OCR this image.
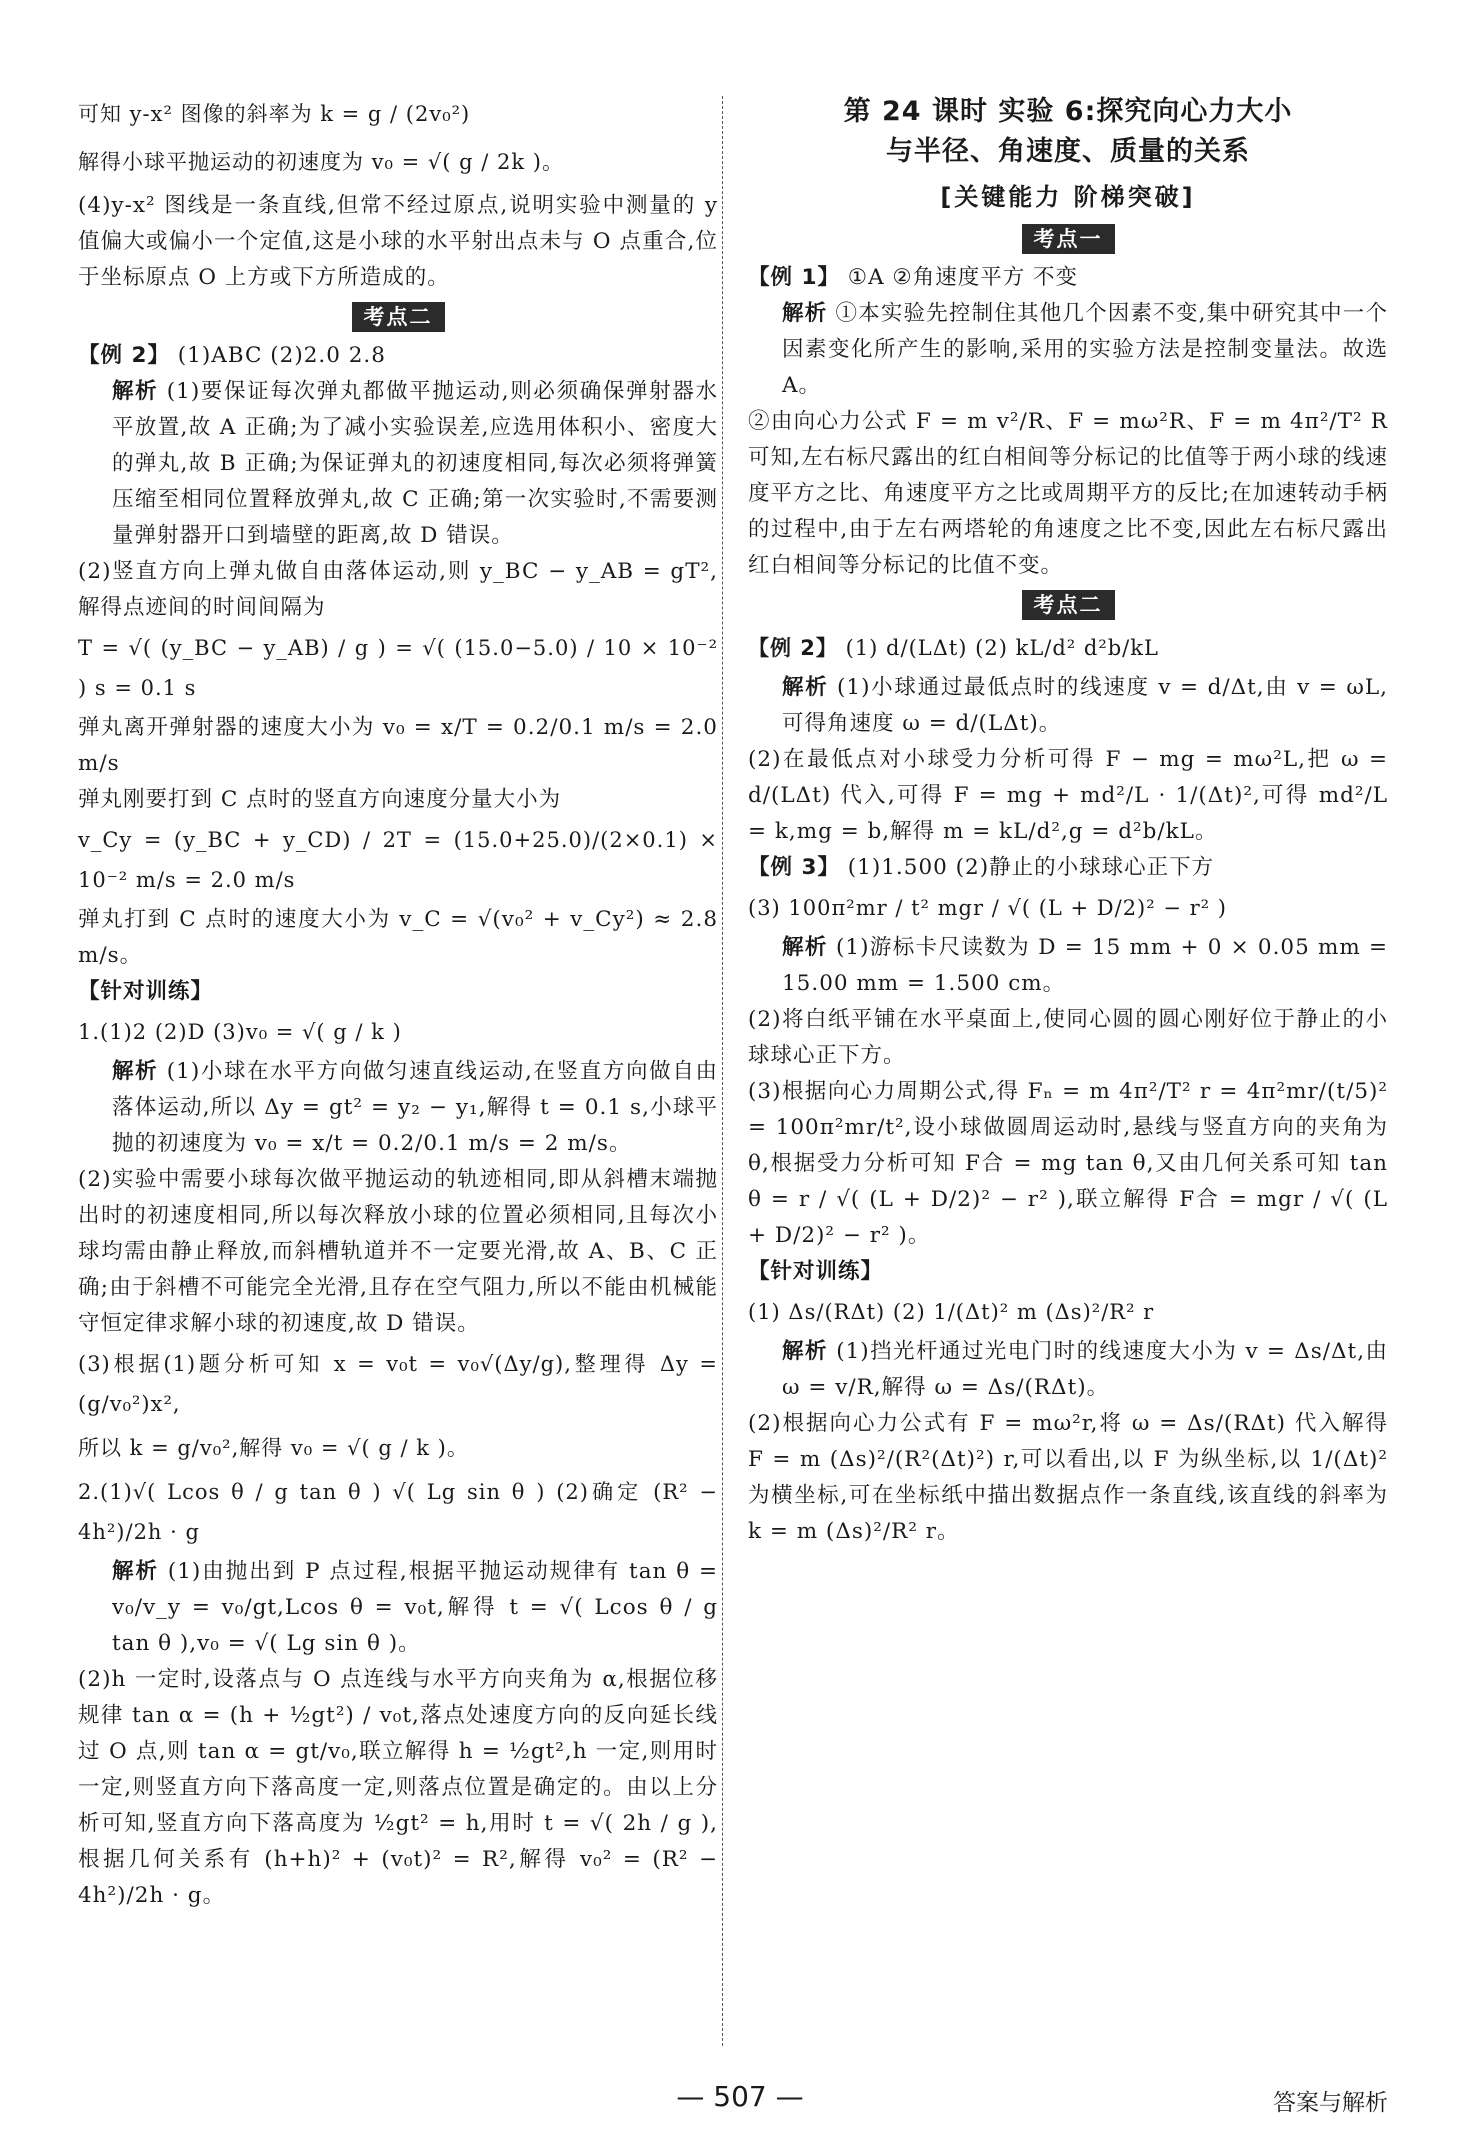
可知 y-x² 图像的斜率为 k = g / (2v₀²)

解得小球平抛运动的初速度为 v₀ = √( g / 2k )。

(4)y-x² 图线是一条直线,但常不经过原点,说明实验中测量的 y 值偏大或偏小一个定值,这是小球的水平射出点未与 O 点重合,位于坐标原点 O 上方或下方所造成的。

考点二

【例 2】 (1)ABC (2)2.0 2.8

解析 (1)要保证每次弹丸都做平抛运动,则必须确保弹射器水平放置,故 A 正确;为了减小实验误差,应选用体积小、密度大的弹丸,故 B 正确;为保证弹丸的初速度相同,每次必须将弹簧压缩至相同位置释放弹丸,故 C 正确;第一次实验时,不需要测量弹射器开口到墙壁的距离,故 D 错误。

(2)竖直方向上弹丸做自由落体运动,则 y_BC − y_AB = gT²,解得点迹间的时间间隔为

T = √( (y_BC − y_AB) / g ) = √( (15.0−5.0) / 10 × 10⁻² ) s = 0.1 s

弹丸离开弹射器的速度大小为 v₀ = x/T = 0.2/0.1 m/s = 2.0 m/s

弹丸刚要打到 C 点时的竖直方向速度分量大小为

v_Cy = (y_BC + y_CD) / 2T = (15.0+25.0)/(2×0.1) × 10⁻² m/s = 2.0 m/s

弹丸打到 C 点时的速度大小为 v_C = √(v₀² + v_Cy²) ≈ 2.8 m/s。

【针对训练】

1.(1)2 (2)D (3)v₀ = √( g / k )

解析 (1)小球在水平方向做匀速直线运动,在竖直方向做自由落体运动,所以 Δy = gt² = y₂ − y₁,解得 t = 0.1 s,小球平抛的初速度为 v₀ = x/t = 0.2/0.1 m/s = 2 m/s。

(2)实验中需要小球每次做平抛运动的轨迹相同,即从斜槽末端抛出时的初速度相同,所以每次释放小球的位置必须相同,且每次小球均需由静止释放,而斜槽轨道并不一定要光滑,故 A、B、C 正确;由于斜槽不可能完全光滑,且存在空气阻力,所以不能由机械能守恒定律求解小球的初速度,故 D 错误。

(3)根据(1)题分析可知 x = v₀t = v₀√(Δy/g),整理得 Δy = (g/v₀²)x²,

所以 k = g/v₀²,解得 v₀ = √( g / k )。

2.(1)√( Lcos θ / g tan θ ) √( Lg sin θ ) (2)确定 (R² − 4h²)/2h · g

解析 (1)由抛出到 P 点过程,根据平抛运动规律有 tan θ = v₀/v_y = v₀/gt,Lcos θ = v₀t,解得 t = √( Lcos θ / g tan θ ),v₀ = √( Lg sin θ )。

(2)h 一定时,设落点与 O 点连线与水平方向夹角为 α,根据位移规律 tan α = (h + ½gt²) / v₀t,落点处速度方向的反向延长线过 O 点,则 tan α = gt/v₀,联立解得 h = ½gt²,h 一定,则用时一定,则竖直方向下落高度一定,则落点位置是确定的。由以上分析可知,竖直方向下落高度为 ½gt² = h,用时 t = √( 2h / g ),根据几何关系有 (h+h)² + (v₀t)² = R²,解得 v₀² = (R² − 4h²)/2h · g。

第 24 课时 实验 6:探究向心力大小

与半径、角速度、质量的关系

[关键能力 阶梯突破]

考点一

【例 1】 ①A ②角速度平方 不变

解析 ①本实验先控制住其他几个因素不变,集中研究其中一个因素变化所产生的影响,采用的实验方法是控制变量法。故选 A。

②由向心力公式 F = m v²/R、F = mω²R、F = m 4π²/T² R 可知,左右标尺露出的红白相间等分标记的比值等于两小球的线速度平方之比、角速度平方之比或周期平方的反比;在加速转动手柄的过程中,由于左右两塔轮的角速度之比不变,因此左右标尺露出红白相间等分标记的比值不变。

考点二

【例 2】 (1) d/(LΔt) (2) kL/d² d²b/kL

解析 (1)小球通过最低点时的线速度 v = d/Δt,由 v = ωL,可得角速度 ω = d/(LΔt)。

(2)在最低点对小球受力分析可得 F − mg = mω²L,把 ω = d/(LΔt) 代入,可得 F = mg + md²/L · 1/(Δt)²,可得 md²/L = k,mg = b,解得 m = kL/d²,g = d²b/kL。

【例 3】 (1)1.500 (2)静止的小球球心正下方

(3) 100π²mr / t² mgr / √( (L + D/2)² − r² )

解析 (1)游标卡尺读数为 D = 15 mm + 0 × 0.05 mm = 15.00 mm = 1.500 cm。

(2)将白纸平铺在水平桌面上,使同心圆的圆心刚好位于静止的小球球心正下方。

(3)根据向心力周期公式,得 Fₙ = m 4π²/T² r = 4π²mr/(t/5)² = 100π²mr/t²,设小球做圆周运动时,悬线与竖直方向的夹角为 θ,根据受力分析可知 F合 = mg tan θ,又由几何关系可知 tan θ = r / √( (L + D/2)² − r² ),联立解得 F合 = mgr / √( (L + D/2)² − r² )。

【针对训练】

(1) Δs/(RΔt) (2) 1/(Δt)² m (Δs)²/R² r

解析 (1)挡光杆通过光电门时的线速度大小为 v = Δs/Δt,由 ω = v/R,解得 ω = Δs/(RΔt)。

(2)根据向心力公式有 F = mω²r,将 ω = Δs/(RΔt) 代入解得 F = m (Δs)²/(R²(Δt)²) r,可以看出,以 F 为纵坐标,以 1/(Δt)² 为横坐标,可在坐标纸中描出数据点作一条直线,该直线的斜率为 k = m (Δs)²/R² r。

— 507 —	答案与解析
